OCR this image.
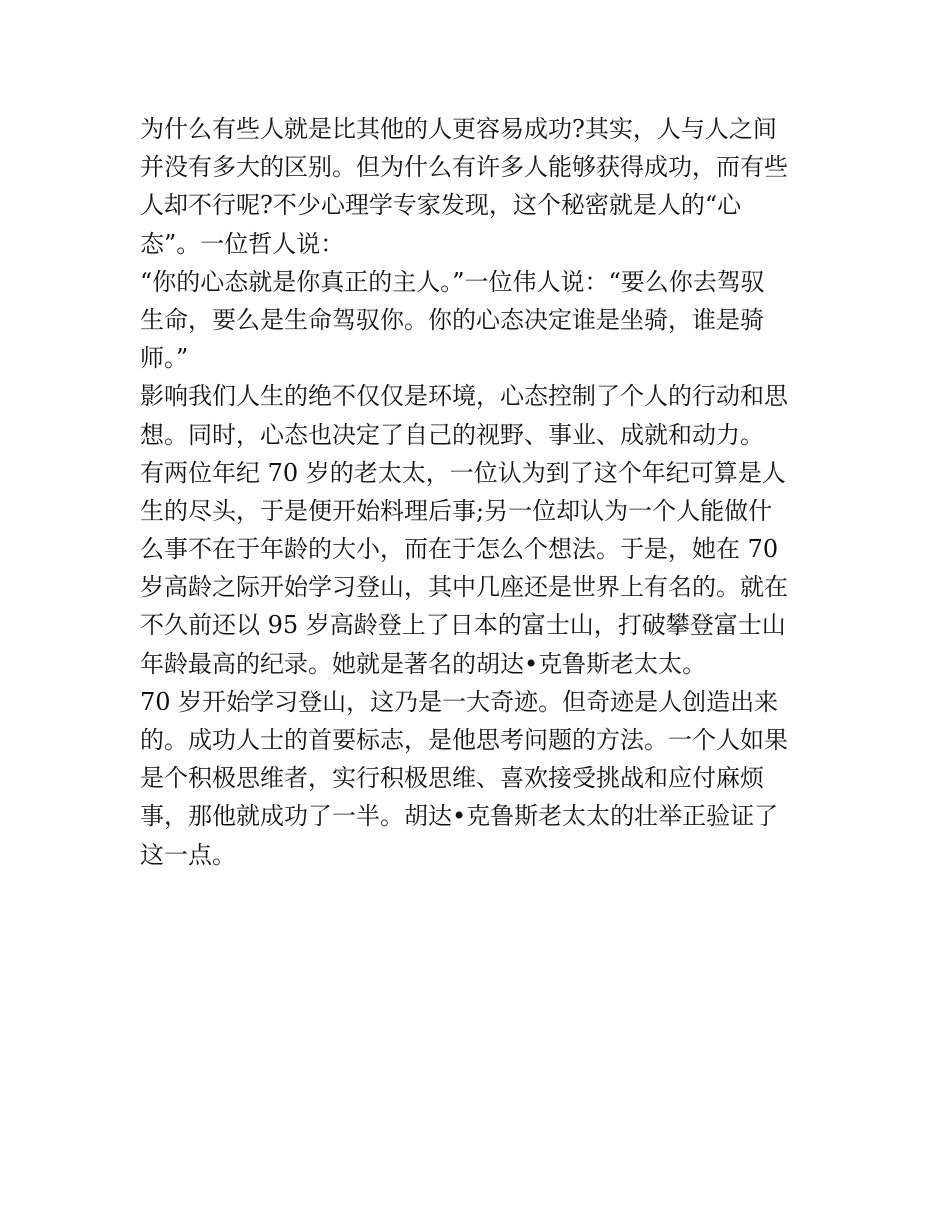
为什么有些人就是比其他的人更容易成功?其实，人与人之间
并没有多大的区别。但为什么有许多人能够获得成功，而有些
人却不行呢?不少心理学专家发现，这个秘密就是人的“心
态”。一位哲人说：
“你的心态就是你真正的主人。”一位伟人说：“要么你去驾驭
生命，要么是生命驾驭你。你的心态决定谁是坐骑，谁是骑
师。”
影响我们人生的绝不仅仅是环境，心态控制了个人的行动和思
想。同时，心态也决定了自己的视野、事业、成就和动力。
有两位年纪 70 岁的老太太，一位认为到了这个年纪可算是人
生的尽头，于是便开始料理后事;另一位却认为一个人能做什
么事不在于年龄的大小，而在于怎么个想法。于是，她在 70
岁高龄之际开始学习登山，其中几座还是世界上有名的。就在
不久前还以 95 岁高龄登上了日本的富士山，打破攀登富士山
年龄最高的纪录。她就是著名的胡达•克鲁斯老太太。
70 岁开始学习登山，这乃是一大奇迹。但奇迹是人创造出来
的。成功人士的首要标志，是他思考问题的方法。一个人如果
是个积极思维者，实行积极思维、喜欢接受挑战和应付麻烦
事，那他就成功了一半。胡达•克鲁斯老太太的壮举正验证了
这一点。
